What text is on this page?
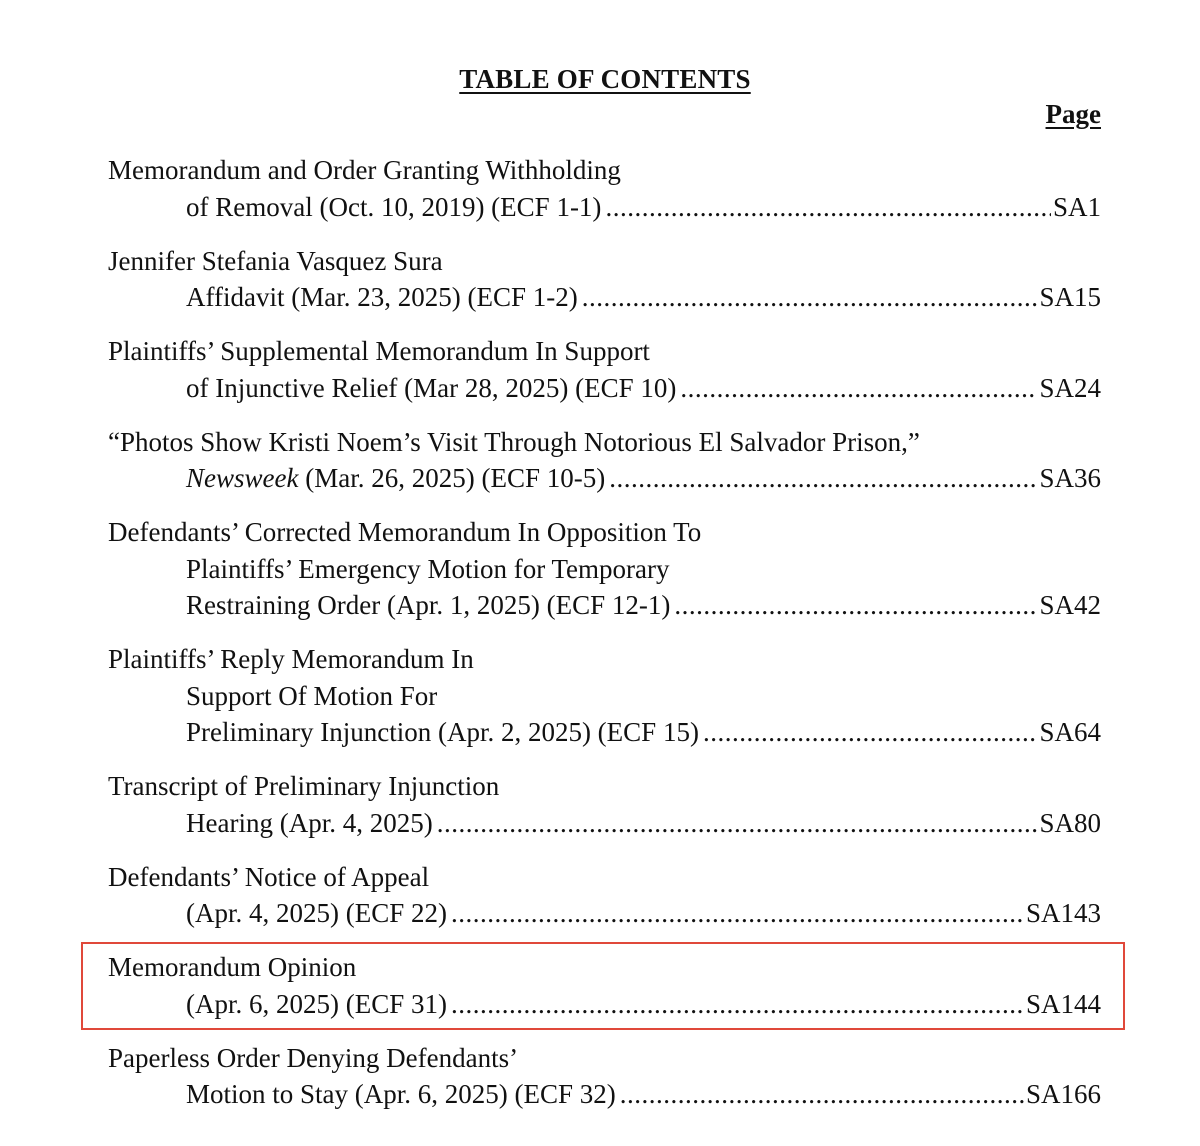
TABLE OF CONTENTS
Page
Memorandum and Order Granting Withholding
of Removal (Oct. 10, 2019) (ECF 1-1) .....	SA1
Jennifer Stefania Vasquez Sura
Affidavit (Mar. 23, 2025) (ECF 1-2) .....	SA15
Plaintiffs’ Supplemental Memorandum In Support
of Injunctive Relief (Mar 28, 2025) (ECF 10) .....	SA24
“Photos Show Kristi Noem’s Visit Through Notorious El Salvador Prison,”
Newsweek (Mar. 26, 2025) (ECF 10-5) .....	SA36
Defendants’ Corrected Memorandum In Opposition To
Plaintiffs’ Emergency Motion for Temporary
Restraining Order (Apr. 1, 2025) (ECF 12-1) .....	SA42
Plaintiffs’ Reply Memorandum In
Support Of Motion For
Preliminary Injunction (Apr. 2, 2025) (ECF 15) .....	SA64
Transcript of Preliminary Injunction
Hearing (Apr. 4, 2025) .....	SA80
Defendants’ Notice of Appeal
(Apr. 4, 2025) (ECF 22) .....	SA143
Memorandum Opinion
(Apr. 6, 2025) (ECF 31) .....	SA144
Paperless Order Denying Defendants’
Motion to Stay (Apr. 6, 2025) (ECF 32) .....	SA166
